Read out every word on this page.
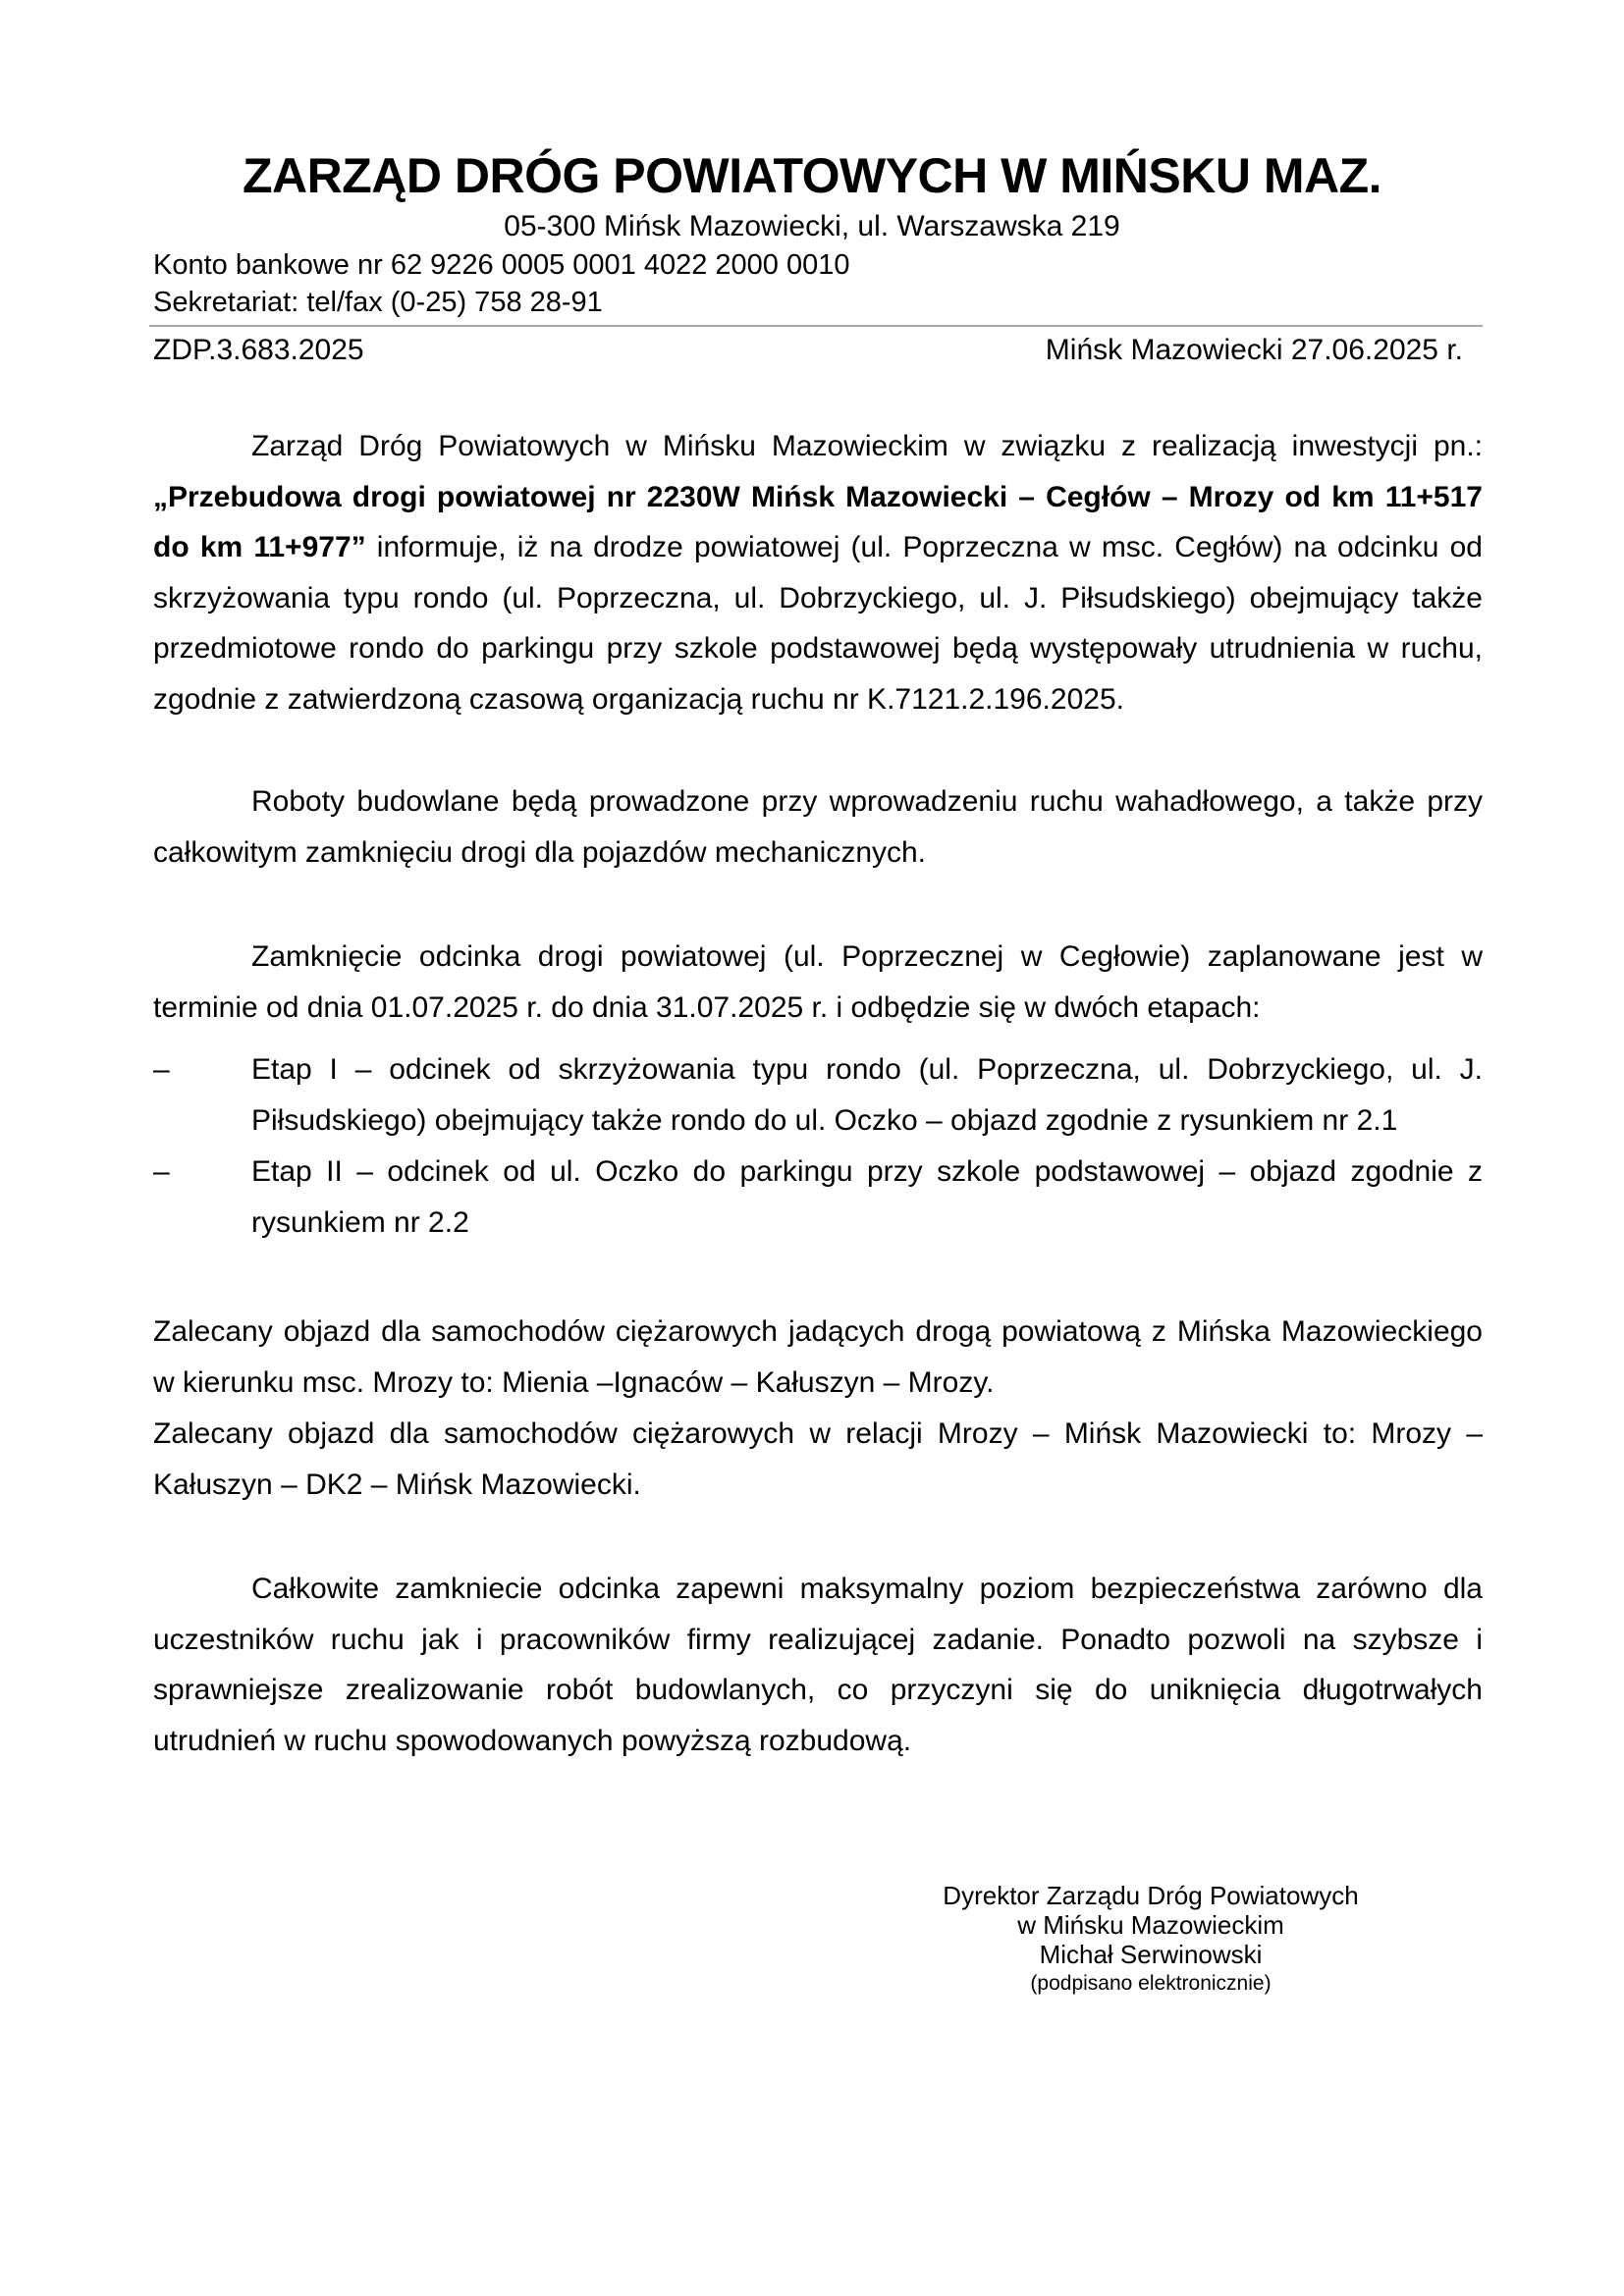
ZARZĄD DRÓG POWIATOWYCH W MIŃSKU MAZ.
05-300 Mińsk Mazowiecki, ul. Warszawska 219
Konto bankowe nr 62 9226 0005 0001 4022 2000 0010
Sekretariat: tel/fax (0-25) 758 28-91
ZDP.3.683.2025	Mińsk Mazowiecki 27.06.2025 r.
Zarząd Dróg Powiatowych w Mińsku Mazowieckim w związku z realizacją inwestycji pn.: „Przebudowa drogi powiatowej nr 2230W Mińsk Mazowiecki – Cegłów – Mrozy od km 11+517 do km 11+977” informuje, iż na drodze powiatowej (ul. Poprzeczna w msc. Cegłów) na odcinku od skrzyżowania typu rondo (ul. Poprzeczna, ul. Dobrzyckiego, ul. J. Piłsudskiego) obejmujący także przedmiotowe rondo do parkingu przy szkole podstawowej będą występowały utrudnienia w ruchu, zgodnie z zatwierdzoną czasową organizacją ruchu nr K.7121.2.196.2025.
Roboty budowlane będą prowadzone przy wprowadzeniu ruchu wahadłowego, a także przy całkowitym zamknięciu drogi dla pojazdów mechanicznych.
Zamknięcie odcinka drogi powiatowej (ul. Poprzecznej w Cegłowie) zaplanowane jest w terminie od dnia 01.07.2025 r. do dnia 31.07.2025 r. i odbędzie się w dwóch etapach:
–	Etap I – odcinek od skrzyżowania typu rondo (ul. Poprzeczna, ul. Dobrzyckiego, ul. J. Piłsudskiego) obejmujący także rondo do ul. Oczko – objazd zgodnie z rysunkiem nr 2.1
–	Etap II – odcinek od ul. Oczko do parkingu przy szkole podstawowej – objazd zgodnie z rysunkiem nr 2.2
Zalecany objazd dla samochodów ciężarowych jadących drogą powiatową z Mińska Mazowieckiego w kierunku msc. Mrozy to: Mienia –Ignaców – Kałuszyn – Mrozy.
Zalecany objazd dla samochodów ciężarowych w relacji Mrozy – Mińsk Mazowiecki to: Mrozy – Kałuszyn – DK2 – Mińsk Mazowiecki.
Całkowite zamkniecie odcinka zapewni maksymalny poziom bezpieczeństwa zarówno dla uczestników ruchu jak i pracowników firmy realizującej zadanie. Ponadto pozwoli na szybsze i sprawniejsze zrealizowanie robót budowlanych, co przyczyni się do uniknięcia długotrwałych utrudnień w ruchu spowodowanych powyższą rozbudową.
Dyrektor Zarządu Dróg Powiatowych
w Mińsku Mazowieckim
Michał Serwinowski
(podpisano elektronicznie)
